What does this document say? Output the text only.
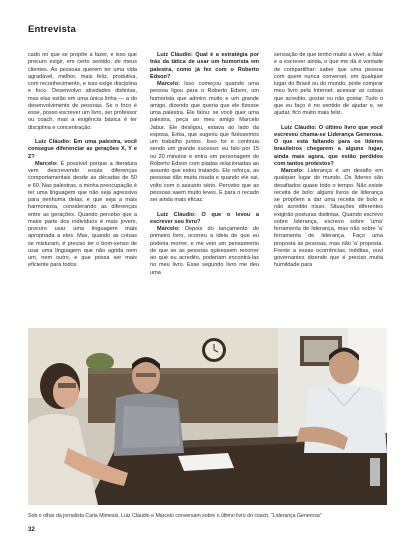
Entrevista

cado no que se propõe a fazer, e isso que procuro exigir, em certo sentido, de meus clientes. As pessoas querem ter uma vida agradável, melhor, mais feliz, produtiva, com reconhecimento, e isso exige disciplina e foco. Desenvolvo atividades distintas, mas elas estão em uma única linha — a do desenvolvimento de pessoas. Se o foco é esse, posso escrever um livro, ser professor ou coach, mas a exigência básica é ter disciplina e concentração.

Luiz Cláudio: Em uma palestra, você consegue diferenciar as gerações X, Y e Z?

Marcelo: É possível porque a literatura vem descrevendo essas diferenças comportamentais desde as décadas de 50 e 60. Nas palestras, a minha preocupação é ter uma linguagem que não seja agressiva para nenhuma delas, e que seja a mais harmoniosa, considerando as diferenças entre as gerações. Quando percebo que a maior parte dos indivíduos é mais jovem, procuro usar uma linguagem mais apropriada a eles. Mas, quando as coisas se misturam, é preciso ter o bom-senso de usar uma linguagem que não agrida nem um, nem outro, e que possa ser mais eficiente para todos.

Luiz Cláudio: Qual é a estratégia por trás da tática de usar um humorista em palestra, como já fez com o Roberto Edson?

Marcelo: Isso começou quando uma pessoa ligou para o Roberto Edson, um humorista que admiro muito e um grande amigo, dizendo que queria que ele fizesse uma palestra. Ele falou: se você quer uma palestra, peça ao meu amigo Marcelo Jabur. Ele desligou, estava ao lado da esposa, Erika, que sugeriu que fizéssemos um trabalho juntos. Isso foi e continua sendo um grande sucesso: eu falo por 15 ou 20 minutos e entra um personagem do Roberto Edson com piadas relacionadas ao assunto que estou tratando. Ele reforça, as pessoas dão muita risada e quando ele sai, volto com o assunto sério. Percebo que as pessoas saem muito leves. É para o recado ser ainda mais eficaz.

Luiz Cláudio: O que o levou a escrever seu livro?

Marcelo: Depois do lançamento do primeiro livro, ocorreu a ideia de que eu poderia morrer, e me veio um pensamento de que se as pessoas quisessem recorrer ao que eu acredito, poderiam encontrá-las no meu livro. Esse segundo livro me deu uma

sensação de que tenho muito a viver, a falar e a escrever ainda, o que me dá é vontade de compartilhar: saber que uma pessoa com quem nunca conversei, em qualquer lugar do Brasil ou do mundo, pode comprar meu livro pela Internet, acessar as coisas que acredito, gostar ou não gostar. Tudo o que eu faço é no sentido de ajudar e, se ajudar, fico muito mais feliz.

Luiz Cláudio: O último livro que você escreveu chama-se Liderança Generosa. O que está faltando para os líderes brasileiros chegarem a alguns lugar, ainda mais agora, que estão perdidos com tantos protestos?

Marcelo: Liderança é um desafio em qualquer lugar do mundo. Os líderes são desafiados quase todo o tempo. Não existe receita de bolo: alguns livros de liderança se propõem a dar uma receita de bolo e não acredito nisso. Situações diferentes exigirão posturas distintas. Quando escrevo sobre liderança, escrevo sobre 'uma' ferramenta de liderança, mas não sobre 'a' ferramenta de liderança. Faço uma proposta às pessoas, mas não 'a' proposta. Frente a essas ocorrências, inéditas, ouvi governantes dizendo que é preciso muita humildade para

Sob o olhar da jornalista Carla Mimessi, Luiz Cláudio e Marcelo conversam sobre o último livro do coach, “Liderança Generosa”
32
